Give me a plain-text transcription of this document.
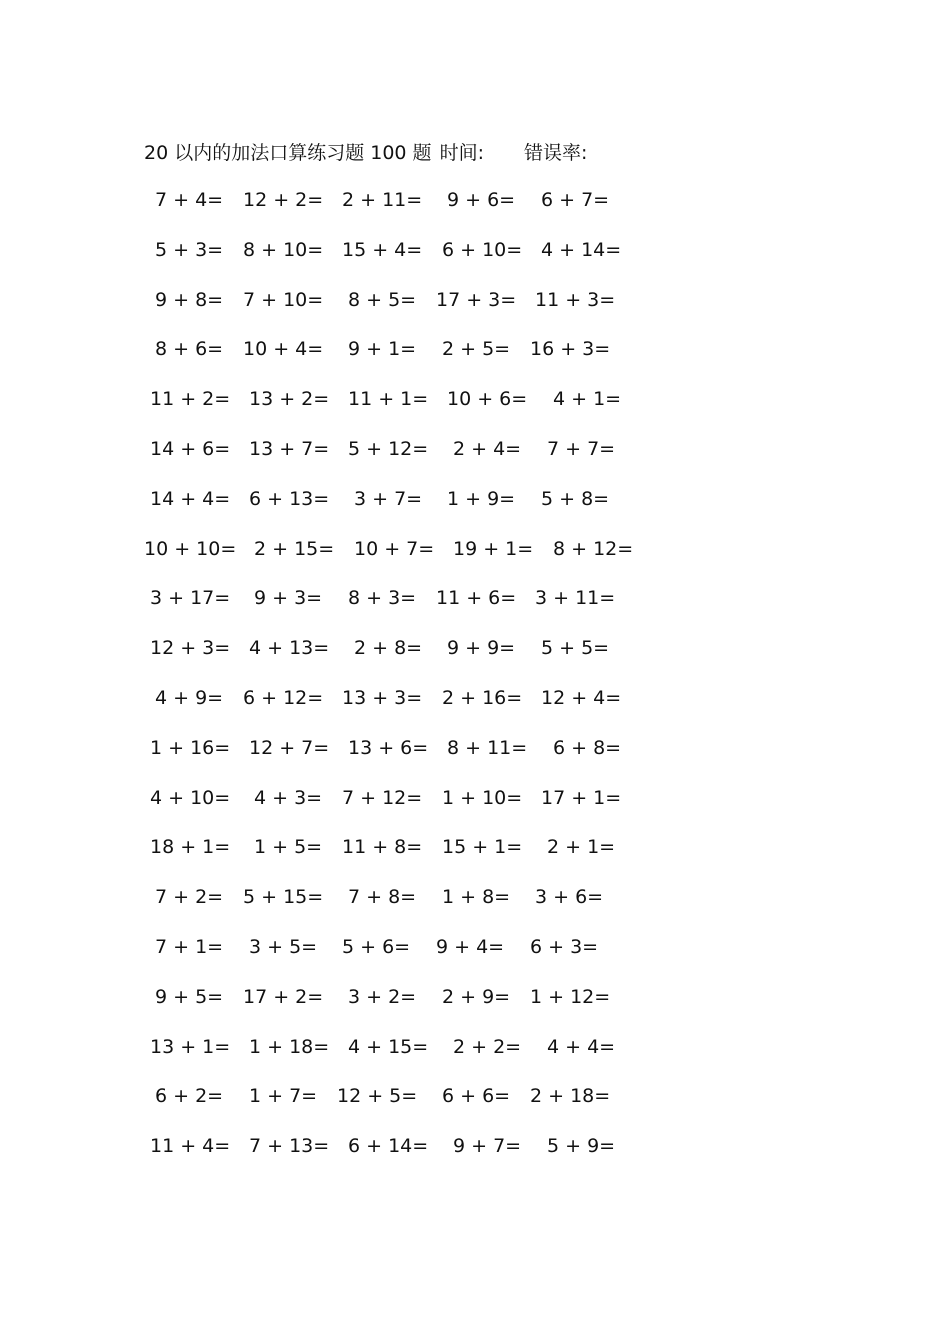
20 以内的加法口算练习题 100 题 时间: 错误率:
7 + 4= 12 + 2= 2 + 11= 9 + 6= 6 + 7=
5 + 3= 8 + 10= 15 + 4= 6 + 10= 4 + 14=
9 + 8= 7 + 10= 8 + 5= 17 + 3= 11 + 3=
8 + 6= 10 + 4= 9 + 1= 2 + 5= 16 + 3=
11 + 2= 13 + 2= 11 + 1= 10 + 6= 4 + 1=
14 + 6= 13 + 7= 5 + 12= 2 + 4= 7 + 7=
14 + 4= 6 + 13= 3 + 7= 1 + 9= 5 + 8=
10 + 10= 2 + 15= 10 + 7= 19 + 1= 8 + 12=
3 + 17= 9 + 3= 8 + 3= 11 + 6= 3 + 11=
12 + 3= 4 + 13= 2 + 8= 9 + 9= 5 + 5=
4 + 9= 6 + 12= 13 + 3= 2 + 16= 12 + 4=
1 + 16= 12 + 7= 13 + 6= 8 + 11= 6 + 8=
4 + 10= 4 + 3= 7 + 12= 1 + 10= 17 + 1=
18 + 1= 1 + 5= 11 + 8= 15 + 1= 2 + 1=
7 + 2= 5 + 15= 7 + 8= 1 + 8= 3 + 6=
7 + 1= 3 + 5= 5 + 6= 9 + 4= 6 + 3=
9 + 5= 17 + 2= 3 + 2= 2 + 9= 1 + 12=
13 + 1= 1 + 18= 4 + 15= 2 + 2= 4 + 4=
6 + 2= 1 + 7= 12 + 5= 6 + 6= 2 + 18=
11 + 4= 7 + 13= 6 + 14= 9 + 7= 5 + 9=
